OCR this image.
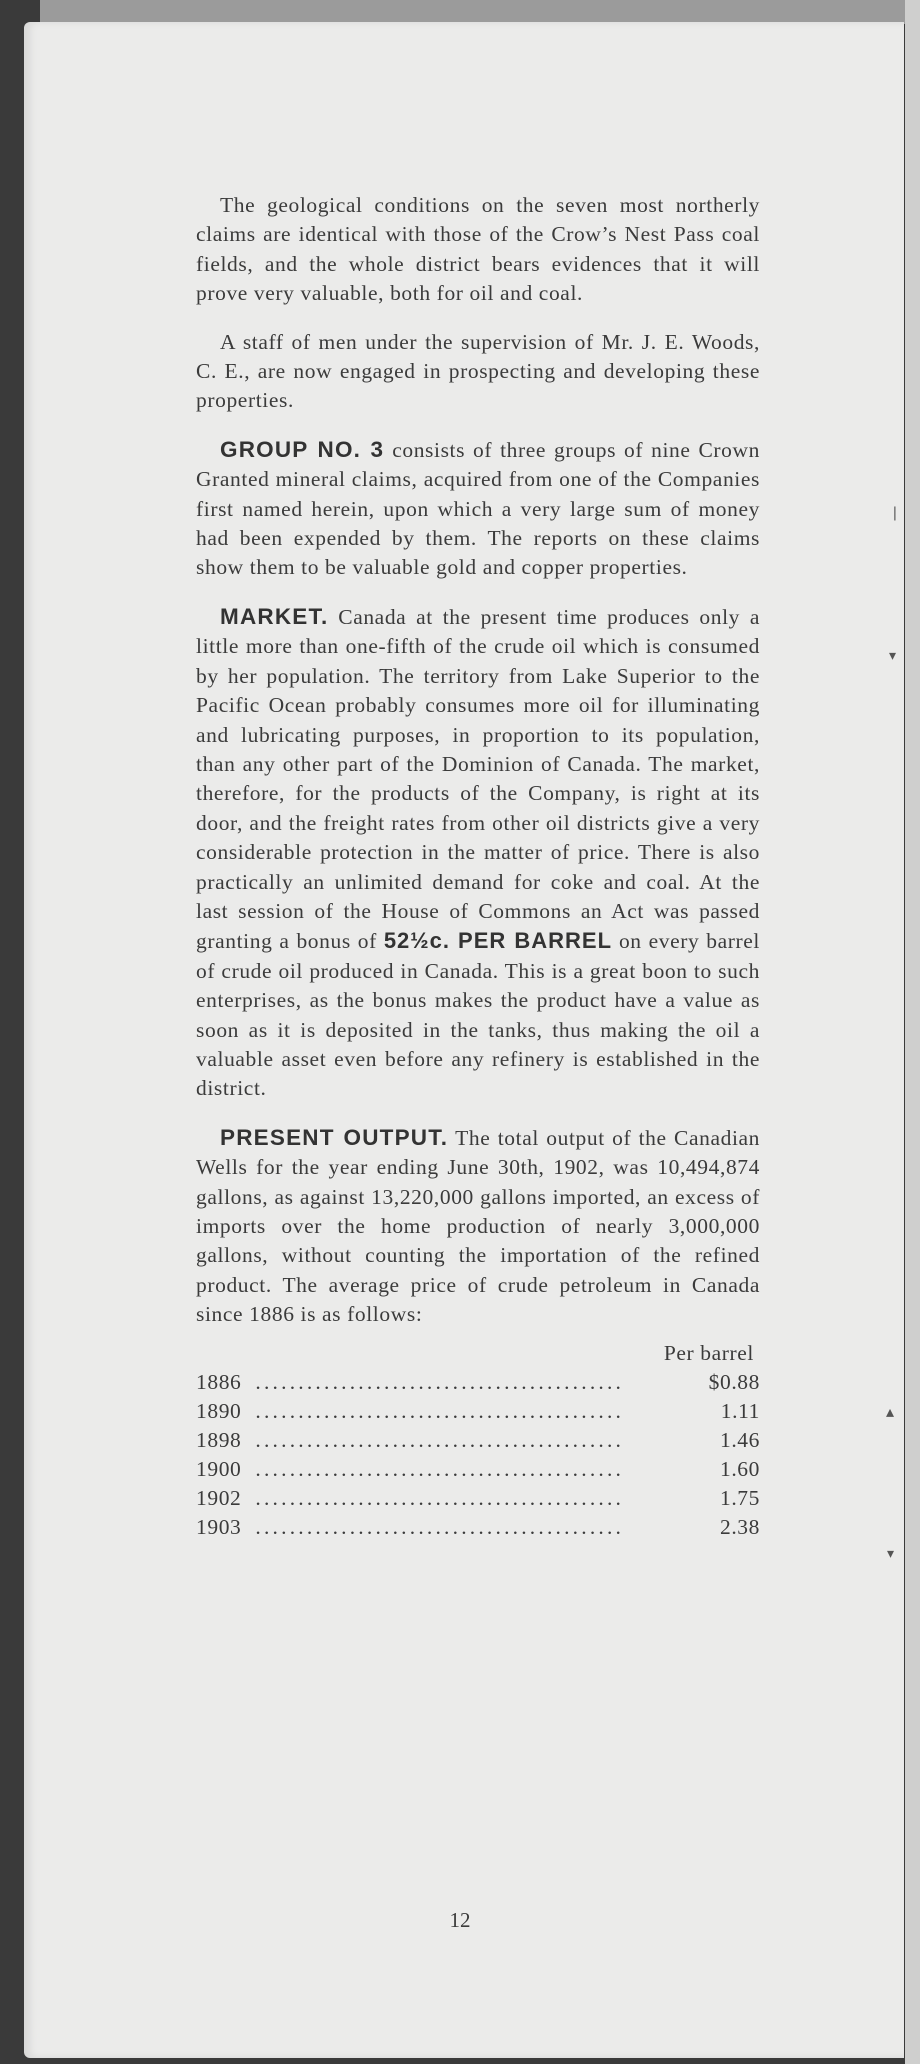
❘
▾
▴
▾

The geological conditions on the seven most northerly claims are identical with those of the Crow’s Nest Pass coal fields, and the whole district bears evidences that it will prove very valuable, both for oil and coal.

A staff of men under the supervision of Mr. J. E. Woods, C. E., are now engaged in prospecting and developing these properties.

GROUP NO. 3 consists of three groups of nine Crown Granted mineral claims, acquired from one of the Companies first named herein, upon which a very large sum of money had been expended by them. The reports on these claims show them to be valuable gold and copper properties.

MARKET. Canada at the present time produces only a little more than one-fifth of the crude oil which is consumed by her population. The territory from Lake Superior to the Pacific Ocean probably consumes more oil for illuminating and lubricating purposes, in proportion to its population, than any other part of the Dominion of Canada. The market, therefore, for the products of the Company, is right at its door, and the freight rates from other oil districts give a very considerable protection in the matter of price. There is also practically an unlimited demand for coke and coal. At the last session of the House of Commons an Act was passed granting a bonus of 52½c. PER BARREL on every barrel of crude oil produced in Canada. This is a great boon to such enterprises, as the bonus makes the product have a value as soon as it is deposited in the tanks, thus making the oil a valuable asset even before any refinery is established in the district.

PRESENT OUTPUT. The total output of the Canadian Wells for the year ending June 30th, 1902, was 10,494,874 gallons, as against 13,220,000 gallons imported, an excess of imports over the home production of nearly 3,000,000 gallons, without counting the importation of the refined product. The average price of crude petroleum in Canada since 1886 is as follows:

Per barrel
1886 ...........................................	$0.88
1890 ...........................................	1.11
1898 ...........................................	1.46
1900 ...........................................	1.60
1902 ...........................................	1.75
1903 ...........................................	2.38
12
